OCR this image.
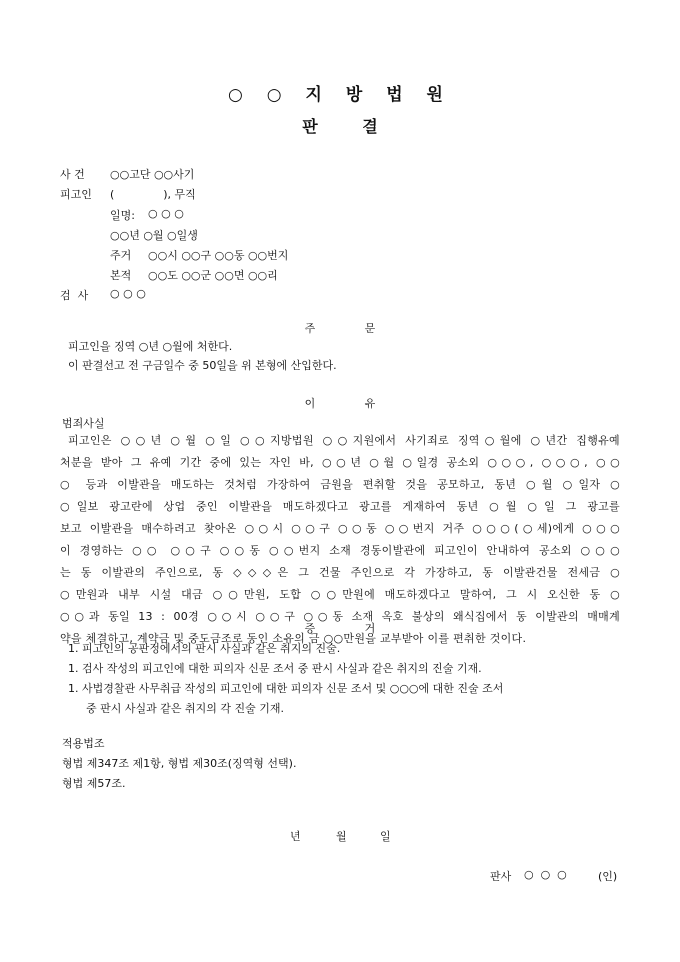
○ ○ 지 방 법 원
판	결
사 건 ○○고단 ○○사기
피고인 (              ), 무직
일명: ○ ○ ○
○○년 ○월 ○일생
주거 ○○시 ○○구 ○○동 ○○번지
본적 ○○도 ○○군 ○○면 ○○리
검  사 ○ ○ ○
주	문
피고인을 징역 ○년 ○월에 처한다.
이 판결선고 전 구금일수 중 50일을 위 본형에 산입한다.
이	유
범죄사실
피고인은 ○○년 ○월 ○일 ○○지방법원 ○○지원에서 사기죄로 징역○월에 ○년간 집행유예
처분을 받아 그 유예 기간 중에 있는 자인 바, ○○년 ○월 ○일경 공소외 ○○○, ○○○, ○○
○ 등과 이발관을 매도하는 것처럼 가장하여 금원을 편취할 것을 공모하고, 동년 ○월 ○일자 ○
○일보 광고란에 상업 중인 이발관을 매도하겠다고 광고를 게재하여 동년 ○월 ○일 그 광고를
보고 이발관을 매수하려고 찾아온 ○○시 ○○구 ○○동 ○○번지 거주 ○○○(○세)에게 ○○○
이 경영하는 ○○ ○○구 ○○동 ○○번지 소재 경동이발관에 피고인이 안내하여 공소외 ○○○
는 동 이발관의 주인으로, 동 ◇◇◇은 그 건물 주인으로 각 가장하고, 동 이발관건물 전세금 ○
○만원과 내부 시설 대금 ○○만원, 도합 ○○만원에 매도하겠다고 말하여, 그 시 오신한 동 ○
○○과 동일 13 : 00경 ○○시 ○○구 ○○동 소재 옥호 불상의 왜식집에서 동 이발관의 매매계
약을 체결하고, 계약금 및 중도금조로 동인 소유의 금 ○○만원을 교부받아 이를 편취한 것이다.
증	거
1. 피고인의 공판정에서의 판시 사실과 같은 취지의 진술.
1. 검사 작성의 피고인에 대한 피의자 신문 조서 중 판시 사실과 같은 취지의 진술 기재.
1. 사법경찰관 사무취급 작성의 피고인에 대한 피의자 신문 조서 및 ○○○에 대한 진술 조서
중 판시 사실과 같은 취지의 각 진술 기재.
적용법조
형법 제347조 제1항, 형법 제30조(징역형 선택).
형법 제57조.
년	월	일
판사 ○  ○  ○	(인)
